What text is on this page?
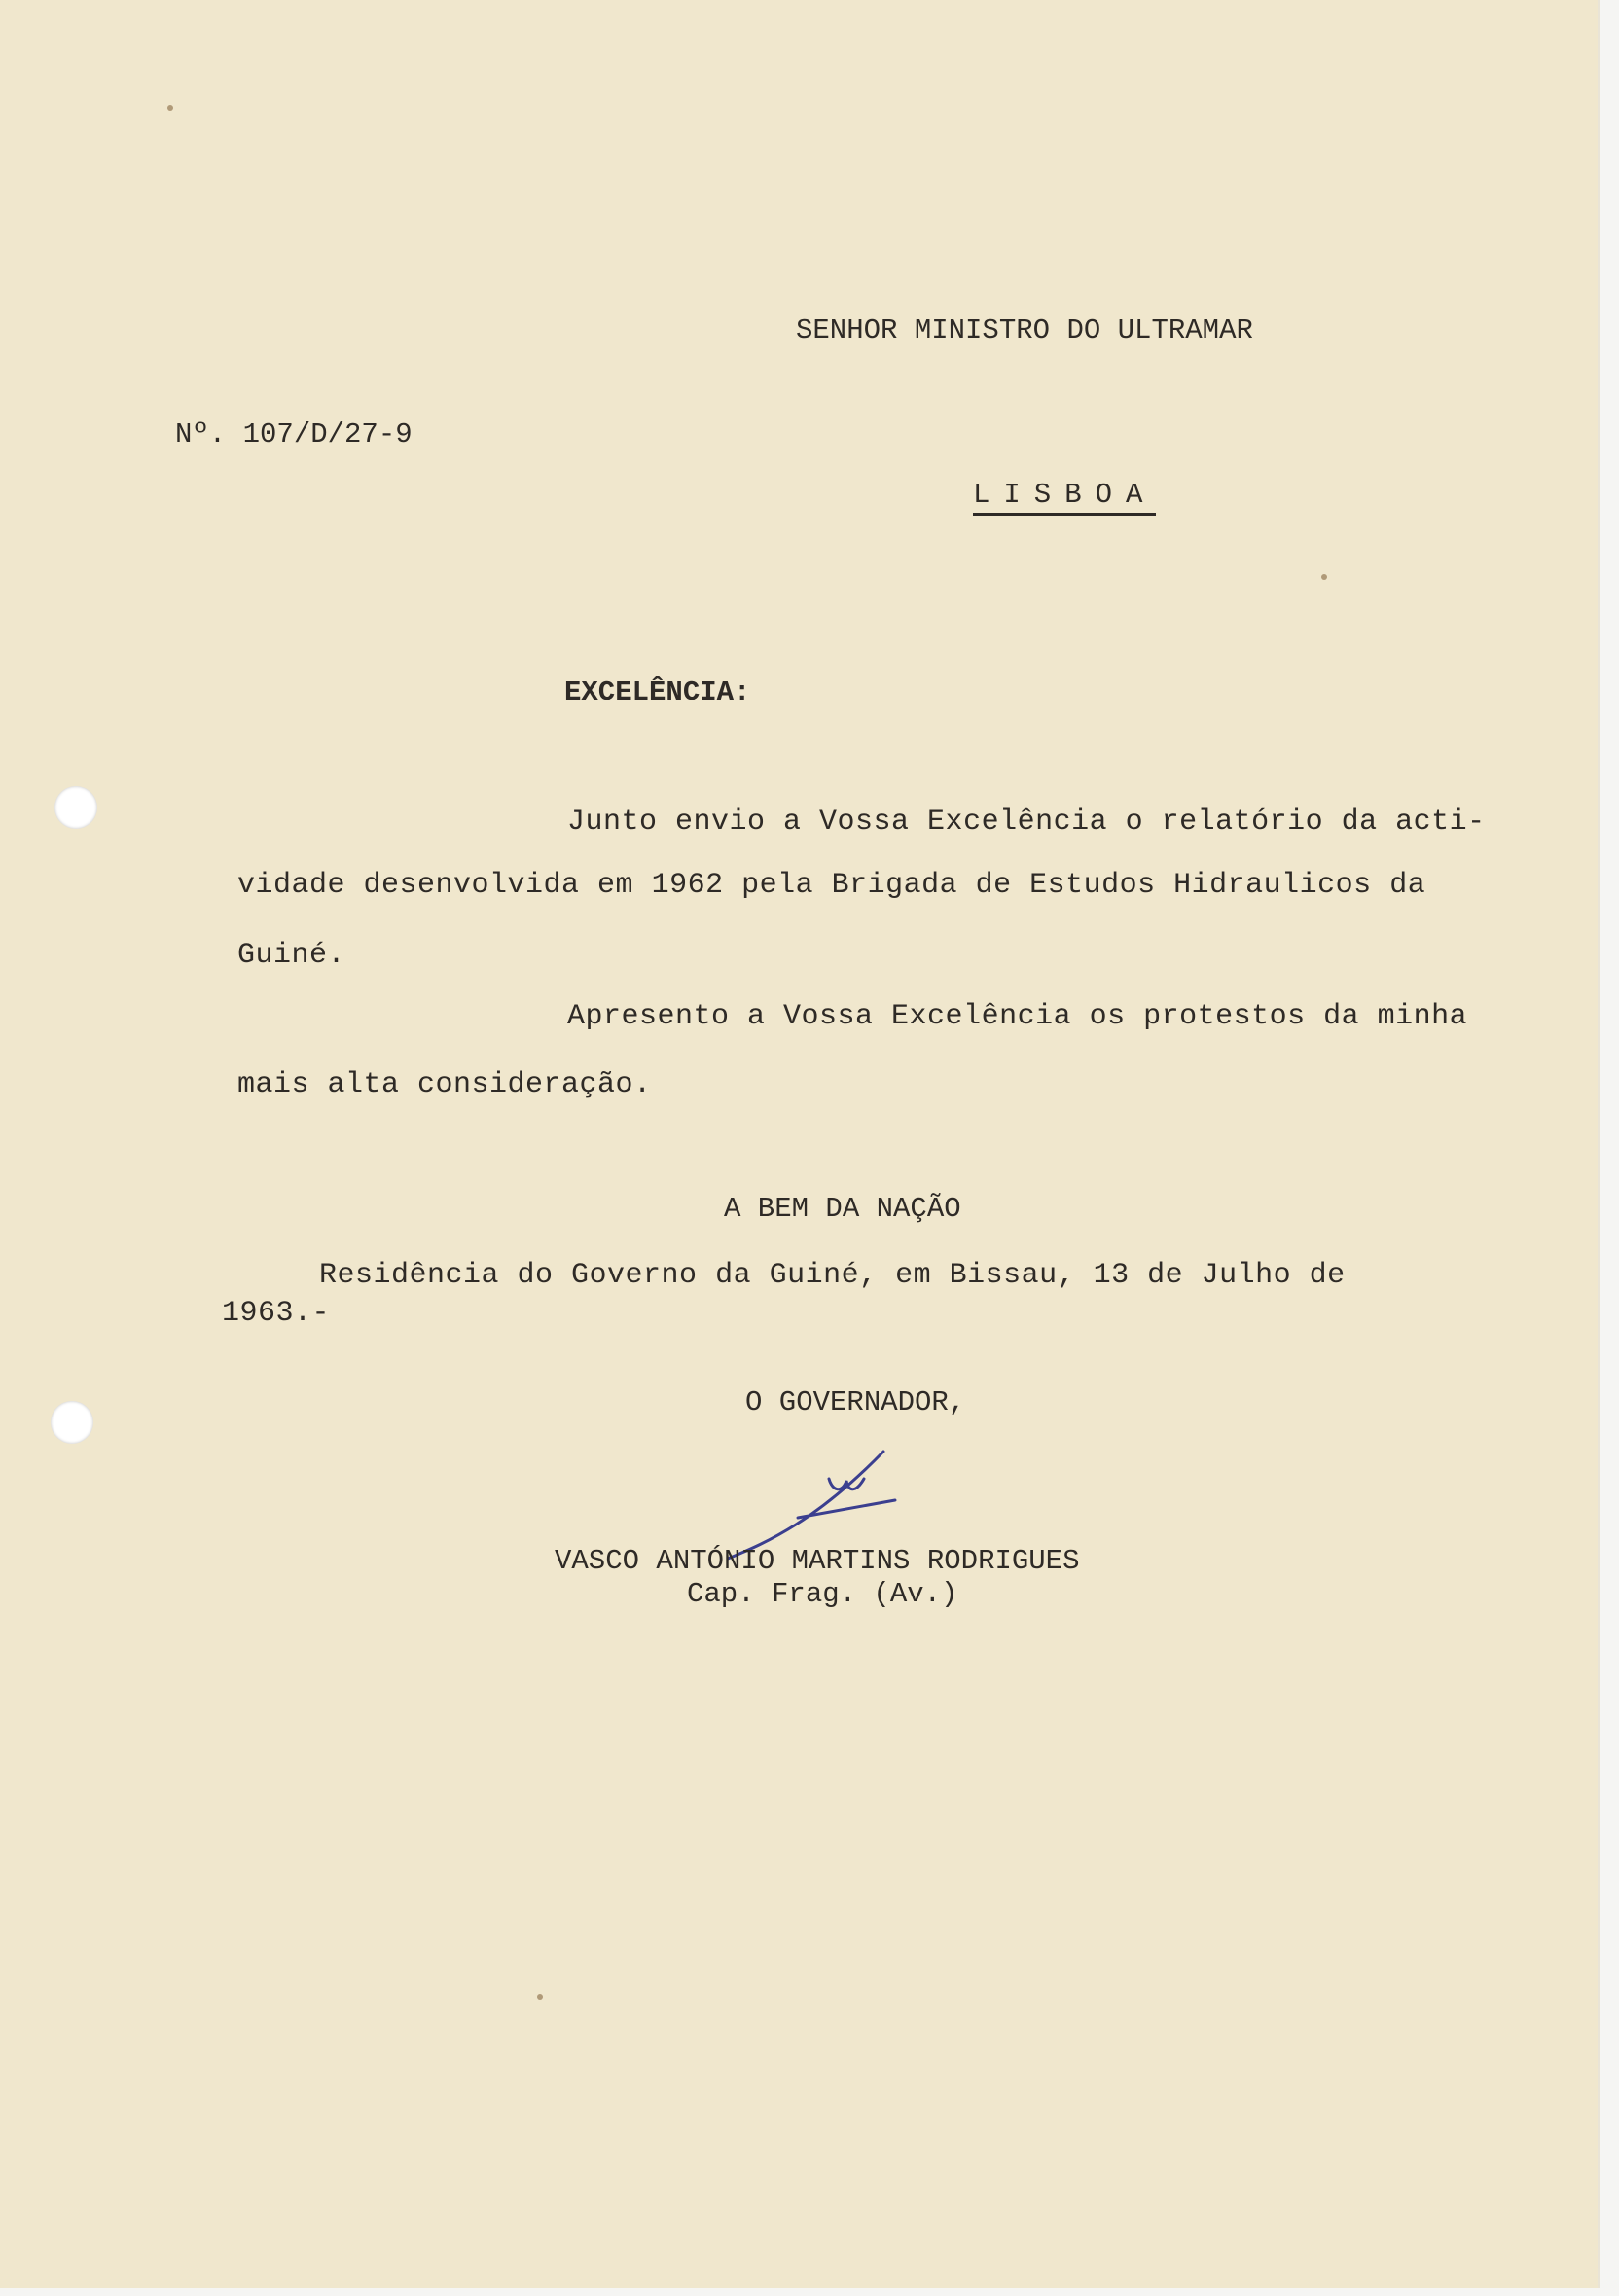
SENHOR MINISTRO DO ULTRAMAR

Nº. 107/D/27-9

LISBOA

EXCELÊNCIA:

Junto envio a Vossa Excelência o relatório da acti-

vidade desenvolvida em 1962 pela Brigada de Estudos Hidraulicos da

Guiné.

Apresento a Vossa Excelência os protestos da minha

mais alta consideração.

A BEM DA NAÇÃO

Residência do Governo da Guiné, em Bissau, 13 de Julho de

1963.-

O GOVERNADOR,

VASCO ANTÓNIO MARTINS RODRIGUES

Cap. Frag. (Av.)
